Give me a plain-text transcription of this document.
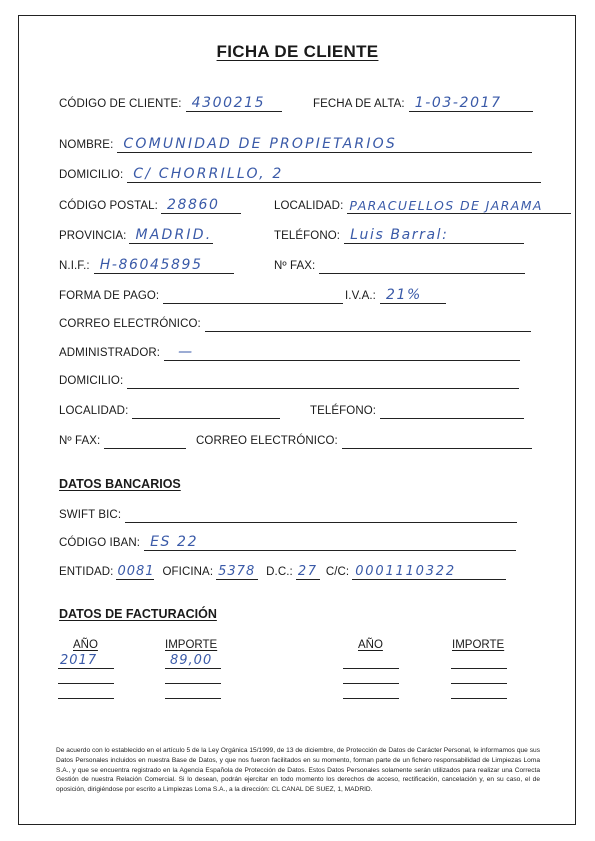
FICHA DE CLIENTE
CÓDIGO DE CLIENTE: 4300215	FECHA DE ALTA: 1-03-2017
NOMBRE: COMUNIDAD DE PROPIETARIOS
DOMICILIO: C/ CHORRILLO, 2
CÓDIGO POSTAL: 28860	LOCALIDAD: PARACUELLOS DE JARAMA
PROVINCIA: MADRID.	TELÉFONO: Luis Barral:
N.I.F.: H-86045895	Nº FAX:
FORMA DE PAGO:	I.V.A.: 21%
CORREO ELECTRÓNICO:
ADMINISTRADOR: —
DOMICILIO:
LOCALIDAD:	TELÉFONO:
Nº FAX:	CORREO ELECTRÓNICO:
DATOS BANCARIOS
SWIFT BIC:
CÓDIGO IBAN: ES 22
ENTIDAD: 0081 OFICINA: 5378 D.C.: 27 C/C: 0001110322
DATOS DE FACTURACIÓN
AÑO	IMPORTE	AÑO	IMPORTE
2017	89,00
De acuerdo con lo establecido en el artículo 5 de la Ley Orgánica 15/1999, de 13 de diciembre, de Protección de Datos de Carácter Personal, le informamos que sus Datos Personales incluidos en nuestra Base de Datos, y que nos fueron facilitados en su momento, forman parte de un fichero responsabilidad de Limpiezas Loma S.A., y que se encuentra registrado en la Agencia Española de Protección de Datos. Estos Datos Personales solamente serán utilizados para realizar una Correcta Gestión de nuestra Relación Comercial. Si lo desean, podrán ejercitar en todo momento los derechos de acceso, rectificación, cancelación y, en su caso, el de oposición, dirigiéndose por escrito a Limpiezas Loma S.A., a la dirección: CL CANAL DE SUEZ, 1, MADRID.
